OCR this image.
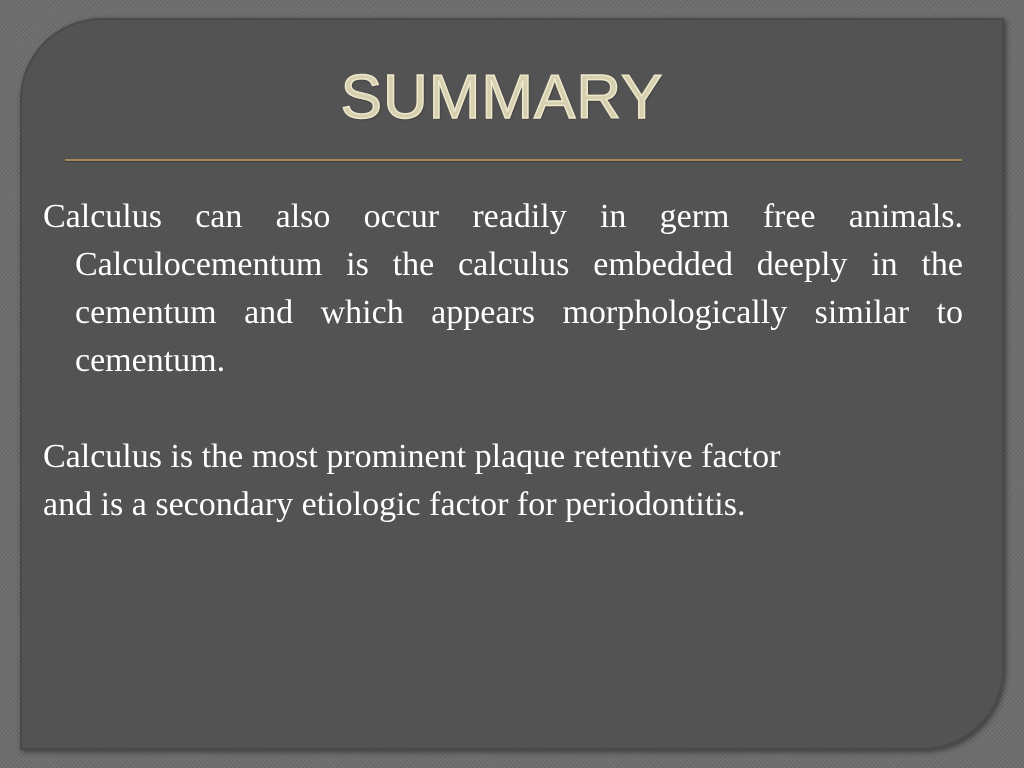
SUMMARY

Calculus can also occur readily in germ free animals. Calculocementum is the calculus embedded deeply in the cementum and which appears morphologically similar to cementum.

Calculus is the most prominent plaque retentive factor and is a secondary etiologic factor for periodontitis.
